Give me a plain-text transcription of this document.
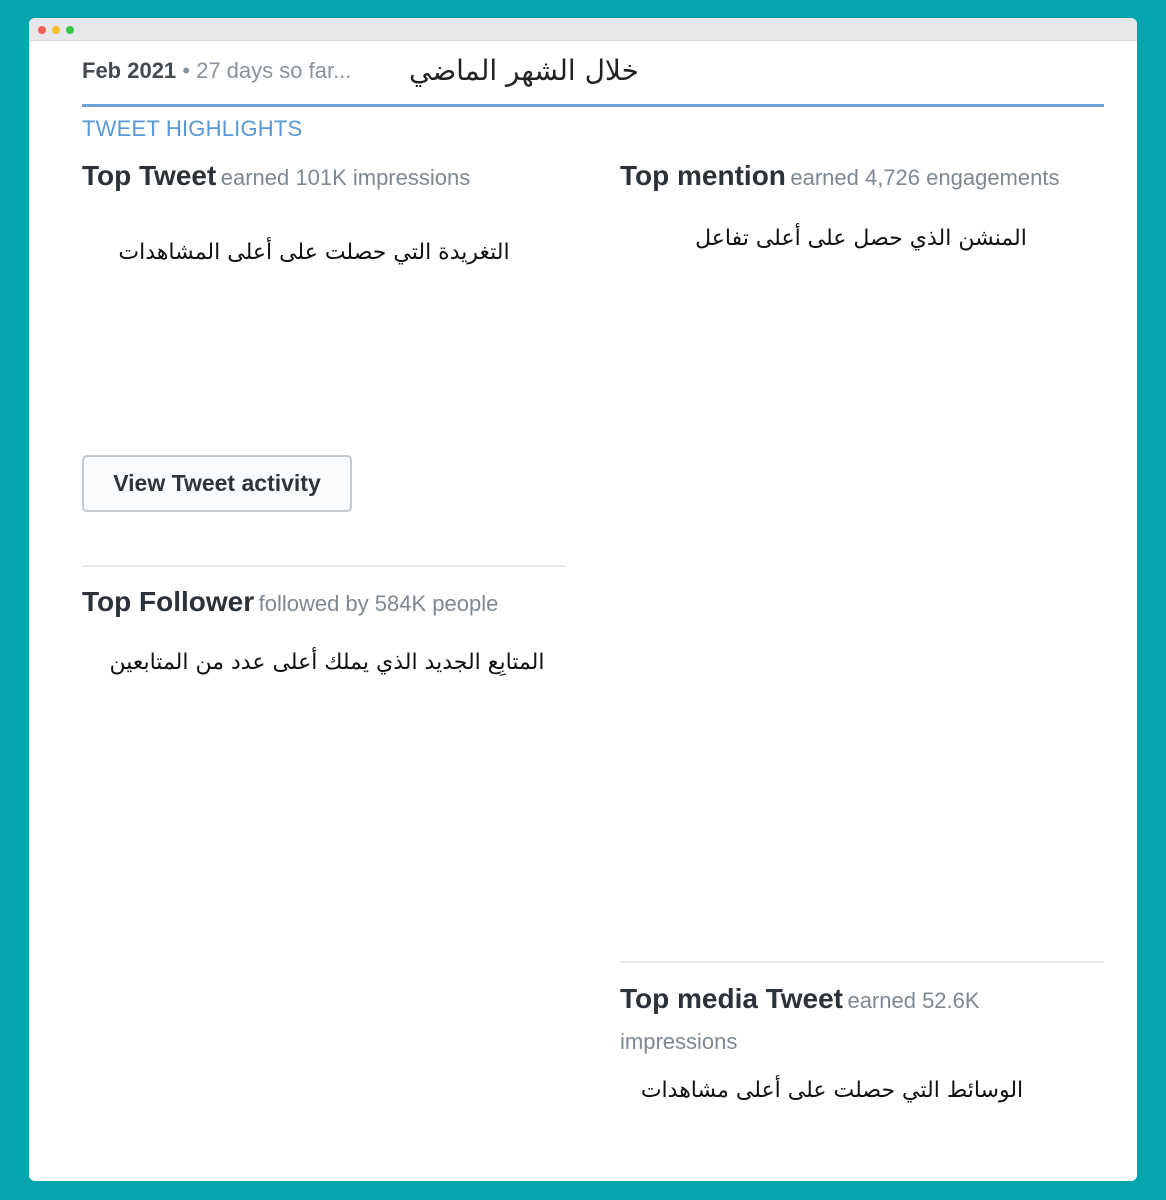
Feb 2021 • 27 days so far... خلال الشهر الماضي
TWEET HIGHLIGHTS
Top Tweet earned 101K impressions
التغريدة التي حصلت على أعلى المشاهدات
View Tweet activity
Top mention earned 4,726 engagements
المنشن الذي حصل على أعلى تفاعل
Top Follower followed by 584K people
المتابِع الجديد الذي يملك أعلى عدد من المتابعين
Top media Tweet earned 52.6K impressions
الوسائط التي حصلت على أعلى مشاهدات
